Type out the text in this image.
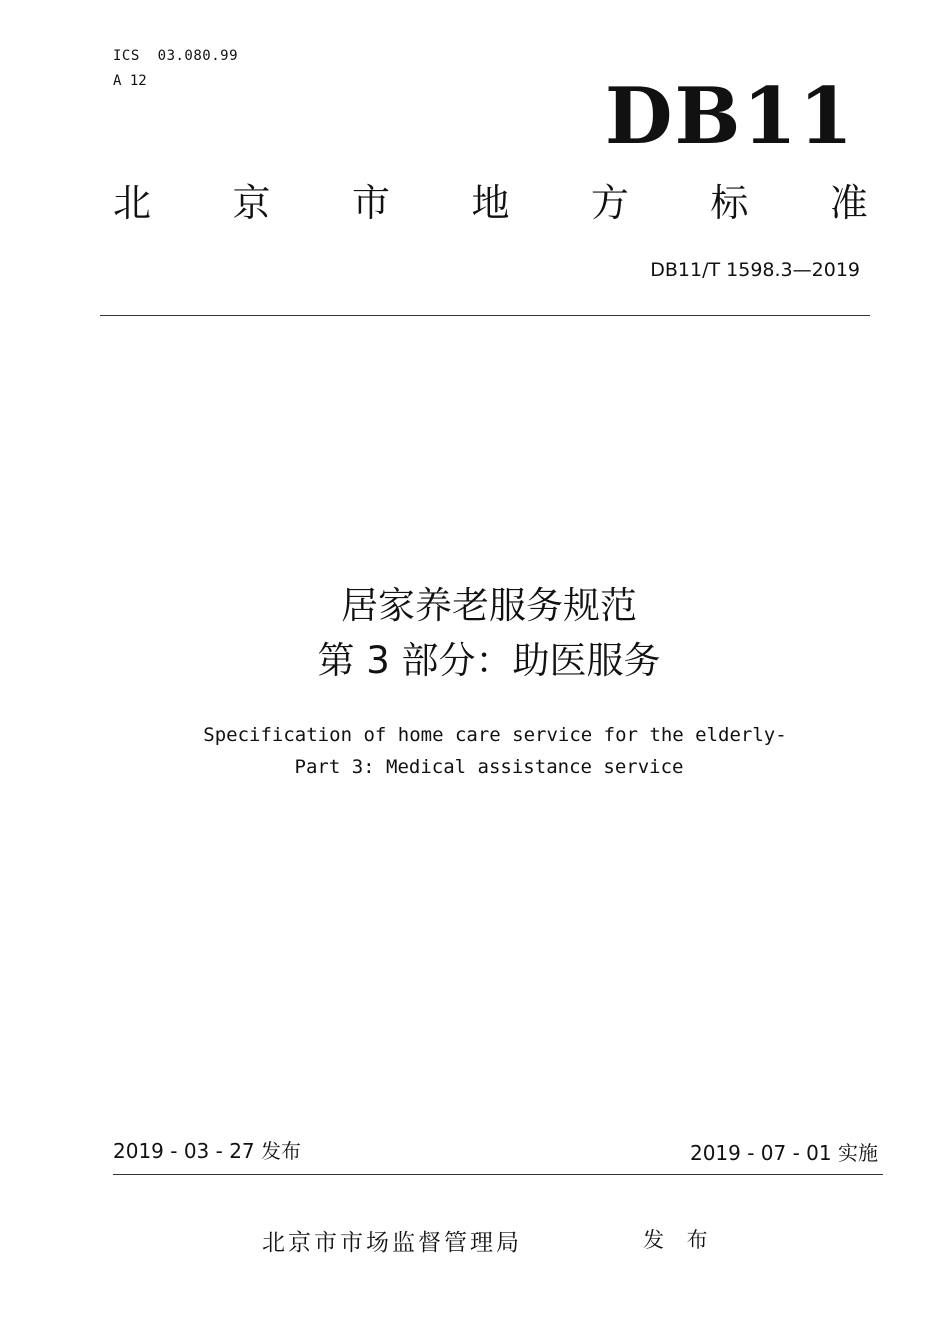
ICS  03.080.99
A 12	DB11
北 京 市 地 方 标 准
DB11/T 1598.3—2019
居家养老服务规范
第 3 部分：助医服务
Specification of home care service for the elderly-
Part 3: Medical assistance service
2019 - 03 - 27 发布	2019 - 07 - 01 实施
北京市市场监督管理局	发 布
